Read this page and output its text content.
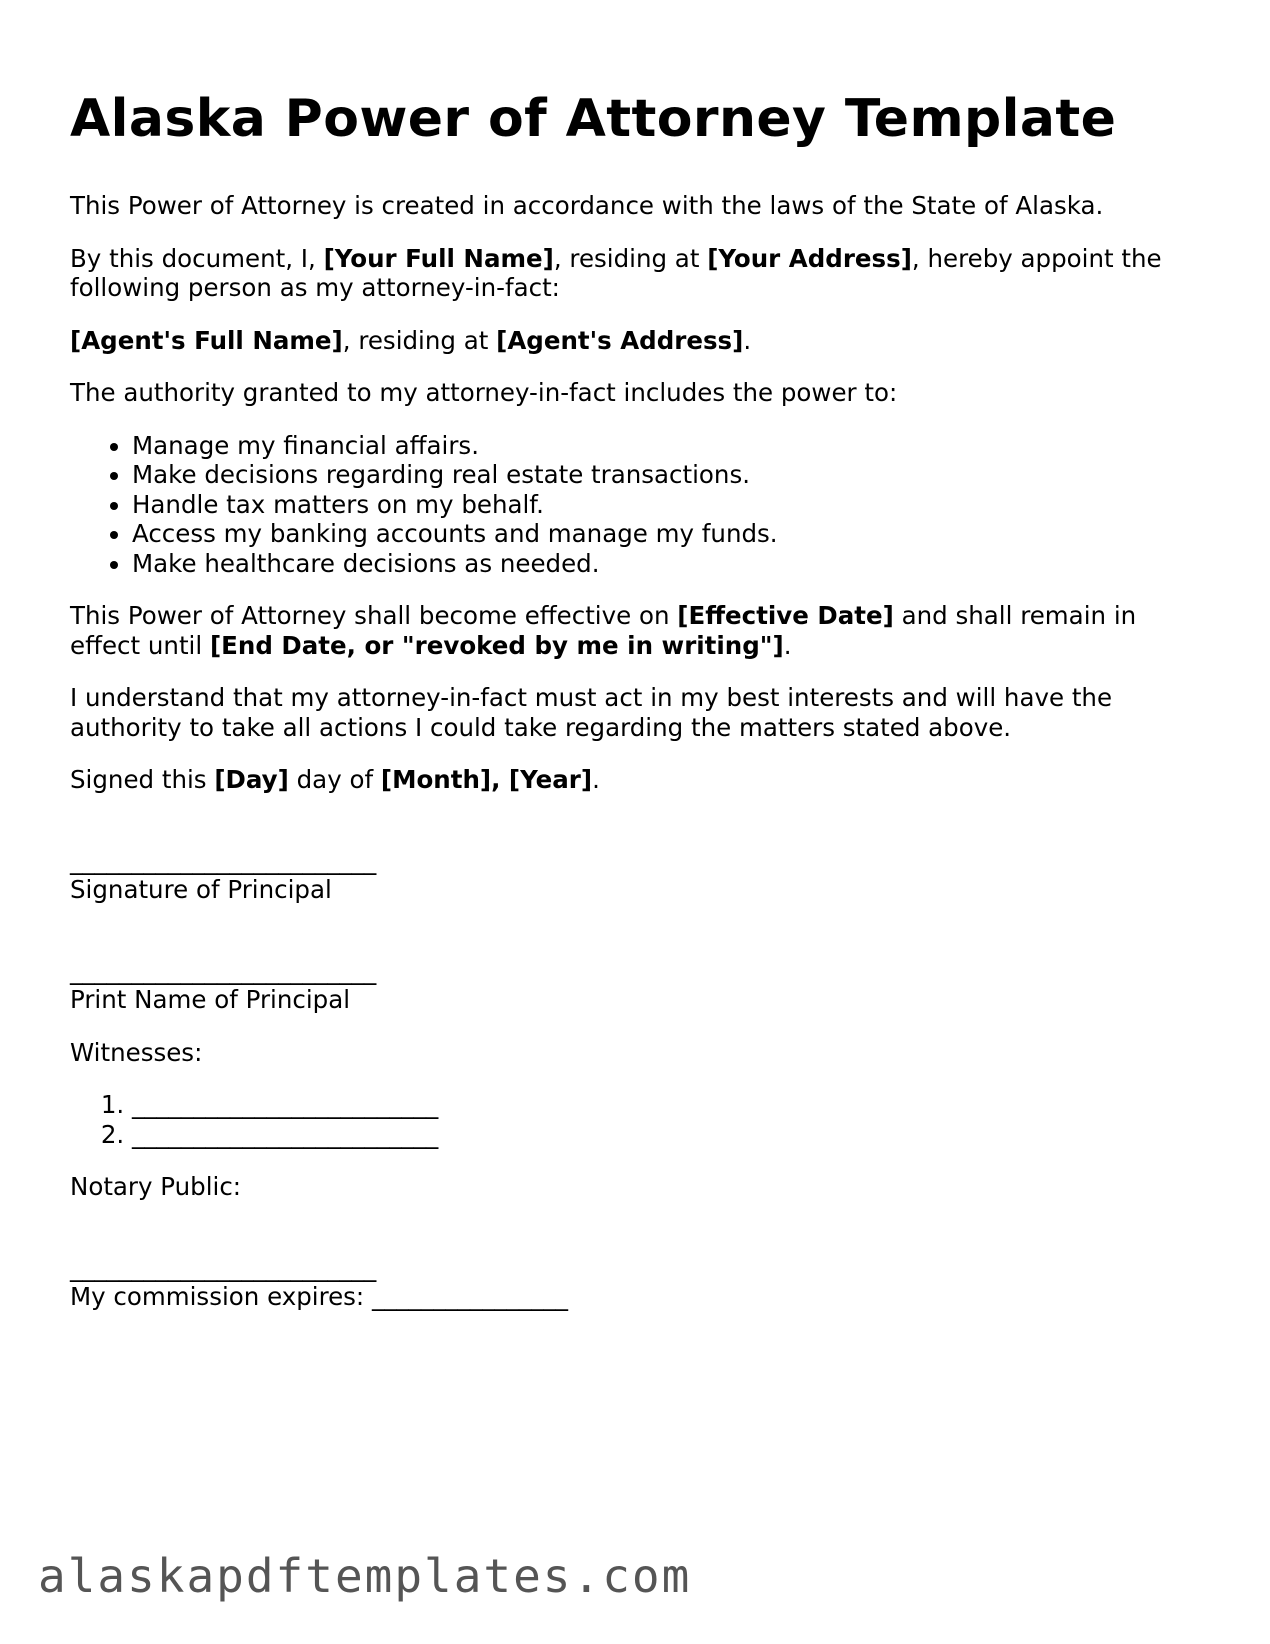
Alaska Power of Attorney Template

This Power of Attorney is created in accordance with the laws of the State of Alaska.

By this document, I, [Your Full Name], residing at [Your Address], hereby appoint the following person as my attorney-in-fact:

[Agent's Full Name], residing at [Agent's Address].

The authority granted to my attorney-in-fact includes the power to:

• Manage my financial affairs.
• Make decisions regarding real estate transactions.
• Handle tax matters on my behalf.
• Access my banking accounts and manage my funds.
• Make healthcare decisions as needed.

This Power of Attorney shall become effective on [Effective Date] and shall remain in effect until [End Date, or "revoked by me in writing"].

I understand that my attorney-in-fact must act in my best interests and will have the authority to take all actions I could take regarding the matters stated above.

Signed this [Day] day of [Month], [Year].

_________________________
Signature of Principal
_________________________
Print Name of Principal

Witnesses:

1. _________________________
2. _________________________

Notary Public:

_________________________
My commission expires: ________________
alaskapdftemplates.com
